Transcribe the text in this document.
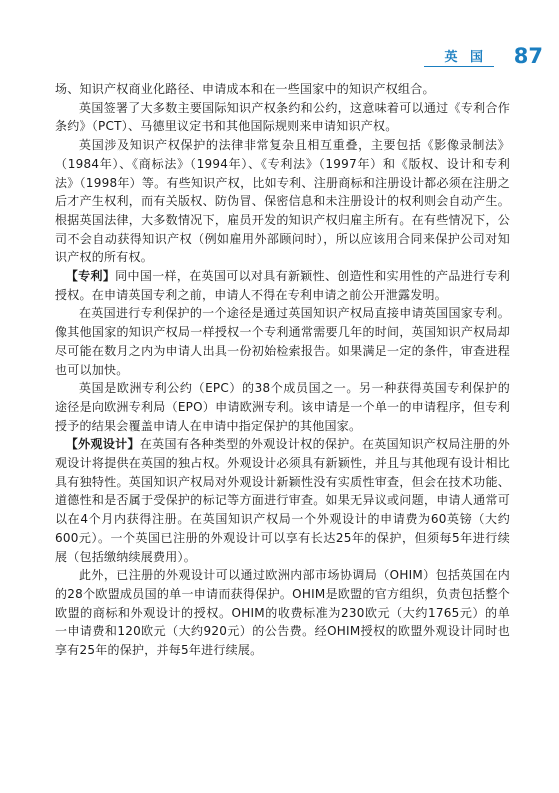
英 国 87

场、知识产权商业化路径、申请成本和在一些国家中的知识产权组合。

英国签署了大多数主要国际知识产权条约和公约，这意味着可以通过《专利合作条约》（PCT）、马德里议定书和其他国际规则来申请知识产权。

英国涉及知识产权保护的法律非常复杂且相互重叠，主要包括《影像录制法》（1984年）、《商标法》（1994年）、《专利法》（1997年）和《版权、设计和专利法》（1998年）等。有些知识产权，比如专利、注册商标和注册设计都必须在注册之后才产生权利，而有关版权、防伪冒、保密信息和未注册设计的权利则会自动产生。根据英国法律，大多数情况下，雇员开发的知识产权归雇主所有。在有些情况下，公司不会自动获得知识产权（例如雇用外部顾问时），所以应该用合同来保护公司对知识产权的所有权。

【专利】同中国一样，在英国可以对具有新颖性、创造性和实用性的产品进行专利授权。在申请英国专利之前，申请人不得在专利申请之前公开泄露发明。

在英国进行专利保护的一个途径是通过英国知识产权局直接申请英国国家专利。像其他国家的知识产权局一样授权一个专利通常需要几年的时间，英国知识产权局却尽可能在数月之内为申请人出具一份初始检索报告。如果满足一定的条件，审查进程也可以加快。

英国是欧洲专利公约（EPC）的38个成员国之一。另一种获得英国专利保护的途径是向欧洲专利局（EPO）申请欧洲专利。该申请是一个单一的申请程序，但专利授予的结果会覆盖申请人在申请中指定保护的其他国家。

【外观设计】在英国有各种类型的外观设计权的保护。在英国知识产权局注册的外观设计将提供在英国的独占权。外观设计必须具有新颖性，并且与其他现有设计相比具有独特性。英国知识产权局对外观设计新颖性没有实质性审查，但会在技术功能、道德性和是否属于受保护的标记等方面进行审查。如果无异议或问题，申请人通常可以在4个月内获得注册。在英国知识产权局一个外观设计的申请费为60英镑（大约600元）。一个英国已注册的外观设计可以享有长达25年的保护，但须每5年进行续展（包括缴纳续展费用）。

此外，已注册的外观设计可以通过欧洲内部市场协调局（OHIM）包括英国在内的28个欧盟成员国的单一申请而获得保护。OHIM是欧盟的官方组织，负责包括整个欧盟的商标和外观设计的授权。OHIM的收费标准为230欧元（大约1765元）的单一申请费和120欧元（大约920元）的公告费。经OHIM授权的欧盟外观设计同时也享有25年的保护，并每5年进行续展。
